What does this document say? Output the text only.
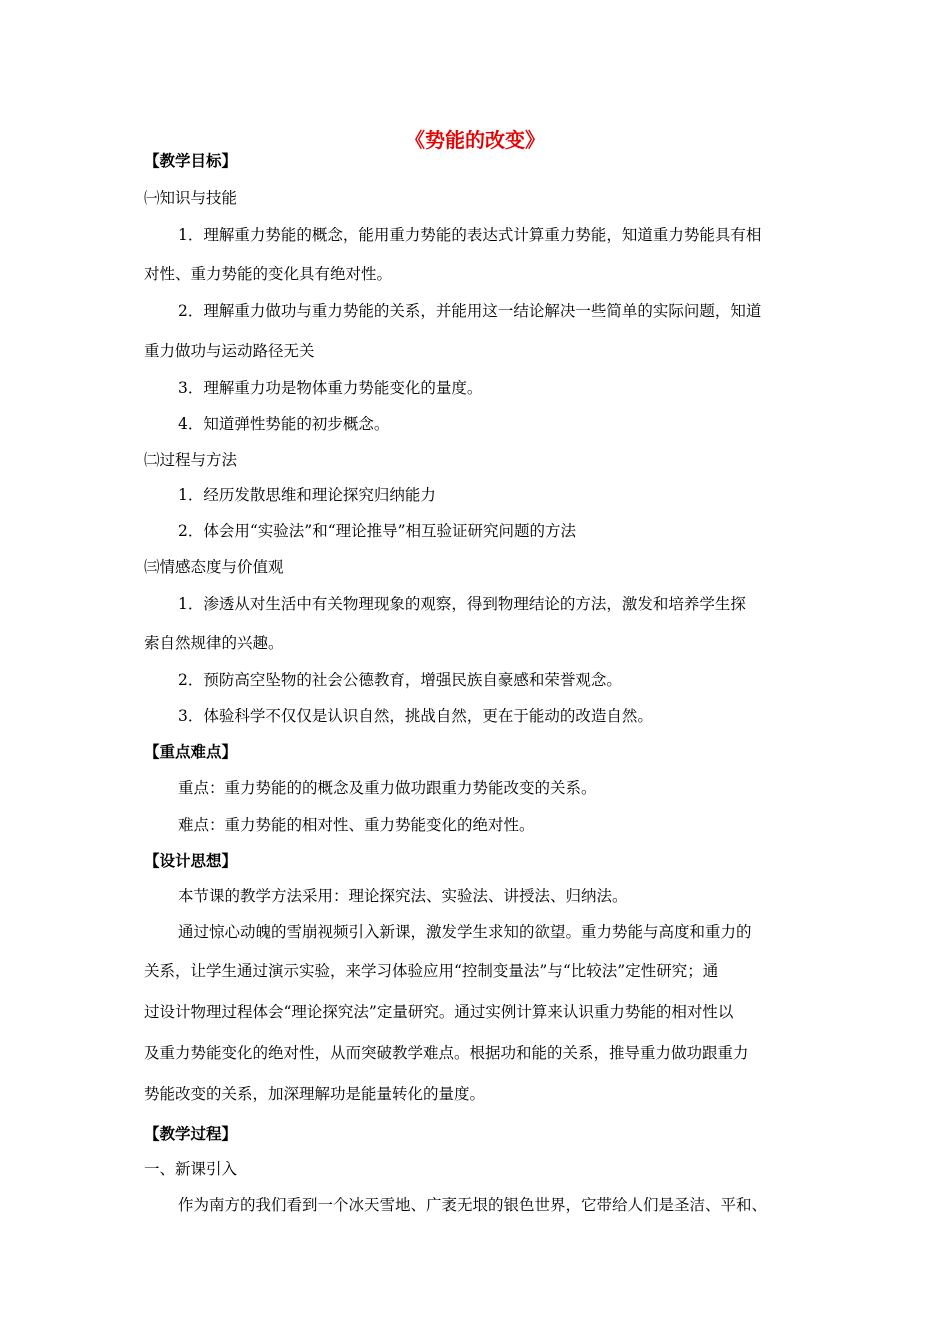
《势能的改变》
【教学目标】
㈠知识与技能
1．理解重力势能的概念，能用重力势能的表达式计算重力势能，知道重力势能具有相
对性、重力势能的变化具有绝对性。
2．理解重力做功与重力势能的关系，并能用这一结论解决一些简单的实际问题，知道
重力做功与运动路径无关
3．理解重力功是物体重力势能变化的量度。
4．知道弹性势能的初步概念。
㈡过程与方法
1．经历发散思维和理论探究归纳能力
2．体会用“实验法”和“理论推导”相互验证研究问题的方法
㈢情感态度与价值观
1．渗透从对生活中有关物理现象的观察，得到物理结论的方法，激发和培养学生探
索自然规律的兴趣。
2．预防高空坠物的社会公德教育，增强民族自豪感和荣誉观念。
3．体验科学不仅仅是认识自然，挑战自然，更在于能动的改造自然。
【重点难点】
重点：重力势能的的概念及重力做功跟重力势能改变的关系。
难点：重力势能的相对性、重力势能变化的绝对性。
【设计思想】
本节课的教学方法采用：理论探究法、实验法、讲授法、归纳法。
通过惊心动魄的雪崩视频引入新课，激发学生求知的欲望。重力势能与高度和重力的
关系，让学生通过演示实验，来学习体验应用“控制变量法”与“比较法”定性研究；通
过设计物理过程体会“理论探究法”定量研究。通过实例计算来认识重力势能的相对性以
及重力势能变化的绝对性，从而突破教学难点。根据功和能的关系，推导重力做功跟重力
势能改变的关系，加深理解功是能量转化的量度。
【教学过程】
一、新课引入
作为南方的我们看到一个冰天雪地、广袤无垠的银色世界，它带给人们是圣洁、平和、
